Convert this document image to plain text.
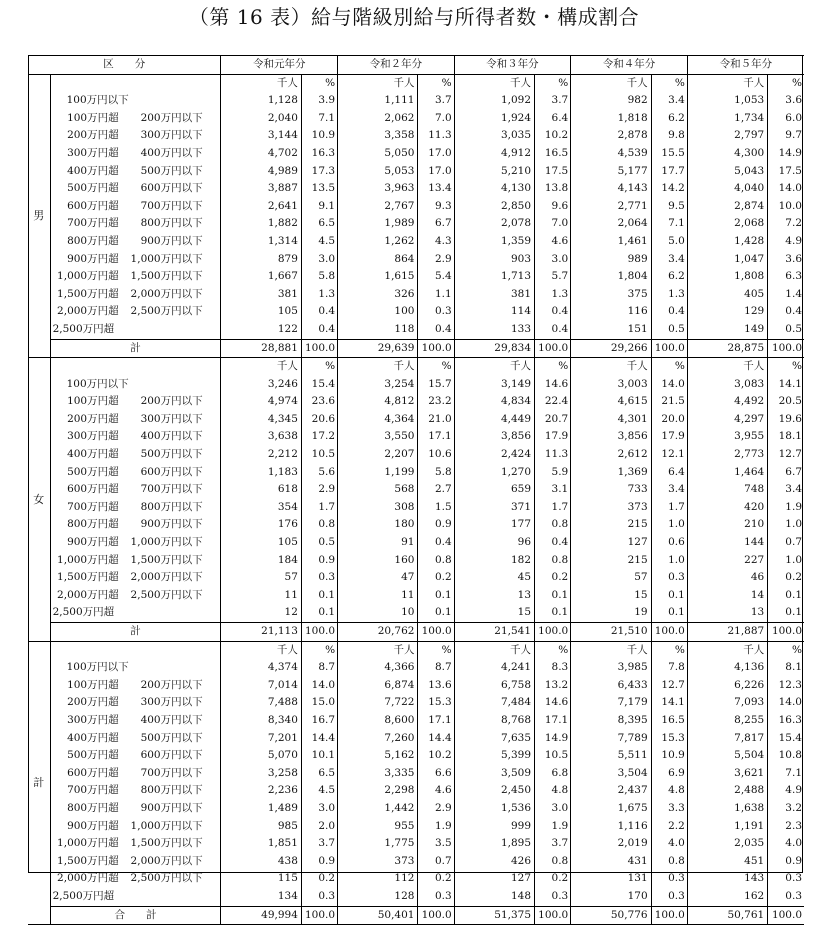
（第 16 表）給与階級別給与所得者数・構成割合
区　　分		令和元年分		令和２年分		令和３年分		令和４年分		令和５年分	
男		千人	%	千人	%	千人	%	千人	%	千人	%
	100万円以下	1,128	3.9	1,111	3.7	1,092	3.7	982	3.4	1,053	3.6
	100万円超 200万円以下	2,040	7.1	2,062	7.0	1,924	6.4	1,818	6.2	1,734	6.0
	200万円超 300万円以下	3,144	10.9	3,358	11.3	3,035	10.2	2,878	9.8	2,797	9.7
	300万円超 400万円以下	4,702	16.3	5,050	17.0	4,912	16.5	4,539	15.5	4,300	14.9
	400万円超 500万円以下	4,989	17.3	5,053	17.0	5,210	17.5	5,177	17.7	5,043	17.5
	500万円超 600万円以下	3,887	13.5	3,963	13.4	4,130	13.8	4,143	14.2	4,040	14.0
	600万円超 700万円以下	2,641	9.1	2,767	9.3	2,850	9.6	2,771	9.5	2,874	10.0
	700万円超 800万円以下	1,882	6.5	1,989	6.7	2,078	7.0	2,064	7.1	2,068	7.2
	800万円超 900万円以下	1,314	4.5	1,262	4.3	1,359	4.6	1,461	5.0	1,428	4.9
	900万円超 1,000万円以下	879	3.0	864	2.9	903	3.0	989	3.4	1,047	3.6
	1,000万円超 1,500万円以下	1,667	5.8	1,615	5.4	1,713	5.7	1,804	6.2	1,808	6.3
	1,500万円超 2,000万円以下	381	1.3	326	1.1	381	1.3	375	1.3	405	1.4
	2,000万円超 2,500万円以下	105	0.4	100	0.3	114	0.4	116	0.4	129	0.4
	2,500万円超	122	0.4	118	0.4	133	0.4	151	0.5	149	0.5
	計	28,881	100.0	29,639	100.0	29,834	100.0	29,266	100.0	28,875	100.0
女		千人	%	千人	%	千人	%	千人	%	千人	%
	100万円以下	3,246	15.4	3,254	15.7	3,149	14.6	3,003	14.0	3,083	14.1
	100万円超 200万円以下	4,974	23.6	4,812	23.2	4,834	22.4	4,615	21.5	4,492	20.5
	200万円超 300万円以下	4,345	20.6	4,364	21.0	4,449	20.7	4,301	20.0	4,297	19.6
	300万円超 400万円以下	3,638	17.2	3,550	17.1	3,856	17.9	3,856	17.9	3,955	18.1
	400万円超 500万円以下	2,212	10.5	2,207	10.6	2,424	11.3	2,612	12.1	2,773	12.7
	500万円超 600万円以下	1,183	5.6	1,199	5.8	1,270	5.9	1,369	6.4	1,464	6.7
	600万円超 700万円以下	618	2.9	568	2.7	659	3.1	733	3.4	748	3.4
	700万円超 800万円以下	354	1.7	308	1.5	371	1.7	373	1.7	420	1.9
	800万円超 900万円以下	176	0.8	180	0.9	177	0.8	215	1.0	210	1.0
	900万円超 1,000万円以下	105	0.5	91	0.4	96	0.4	127	0.6	144	0.7
	1,000万円超 1,500万円以下	184	0.9	160	0.8	182	0.8	215	1.0	227	1.0
	1,500万円超 2,000万円以下	57	0.3	47	0.2	45	0.2	57	0.3	46	0.2
	2,000万円超 2,500万円以下	11	0.1	11	0.1	13	0.1	15	0.1	14	0.1
	2,500万円超	12	0.1	10	0.1	15	0.1	19	0.1	13	0.1
	計	21,113	100.0	20,762	100.0	21,541	100.0	21,510	100.0	21,887	100.0
計		千人	%	千人	%	千人	%	千人	%	千人	%
	100万円以下	4,374	8.7	4,366	8.7	4,241	8.3	3,985	7.8	4,136	8.1
	100万円超 200万円以下	7,014	14.0	6,874	13.6	6,758	13.2	6,433	12.7	6,226	12.3
	200万円超 300万円以下	7,488	15.0	7,722	15.3	7,484	14.6	7,179	14.1	7,093	14.0
	300万円超 400万円以下	8,340	16.7	8,600	17.1	8,768	17.1	8,395	16.5	8,255	16.3
	400万円超 500万円以下	7,201	14.4	7,260	14.4	7,635	14.9	7,789	15.3	7,817	15.4
	500万円超 600万円以下	5,070	10.1	5,162	10.2	5,399	10.5	5,511	10.9	5,504	10.8
	600万円超 700万円以下	3,258	6.5	3,335	6.6	3,509	6.8	3,504	6.9	3,621	7.1
	700万円超 800万円以下	2,236	4.5	2,298	4.6	2,450	4.8	2,437	4.8	2,488	4.9
	800万円超 900万円以下	1,489	3.0	1,442	2.9	1,536	3.0	1,675	3.3	1,638	3.2
	900万円超 1,000万円以下	985	2.0	955	1.9	999	1.9	1,116	2.2	1,191	2.3
	1,000万円超 1,500万円以下	1,851	3.7	1,775	3.5	1,895	3.7	2,019	4.0	2,035	4.0
	1,500万円超 2,000万円以下	438	0.9	373	0.7	426	0.8	431	0.8	451	0.9
	2,000万円超 2,500万円以下	115	0.2	112	0.2	127	0.2	131	0.3	143	0.3
	2,500万円超	134	0.3	128	0.3	148	0.3	170	0.3	162	0.3
	合　　計	49,994	100.0	50,401	100.0	51,375	100.0	50,776	100.0	50,761	100.0
